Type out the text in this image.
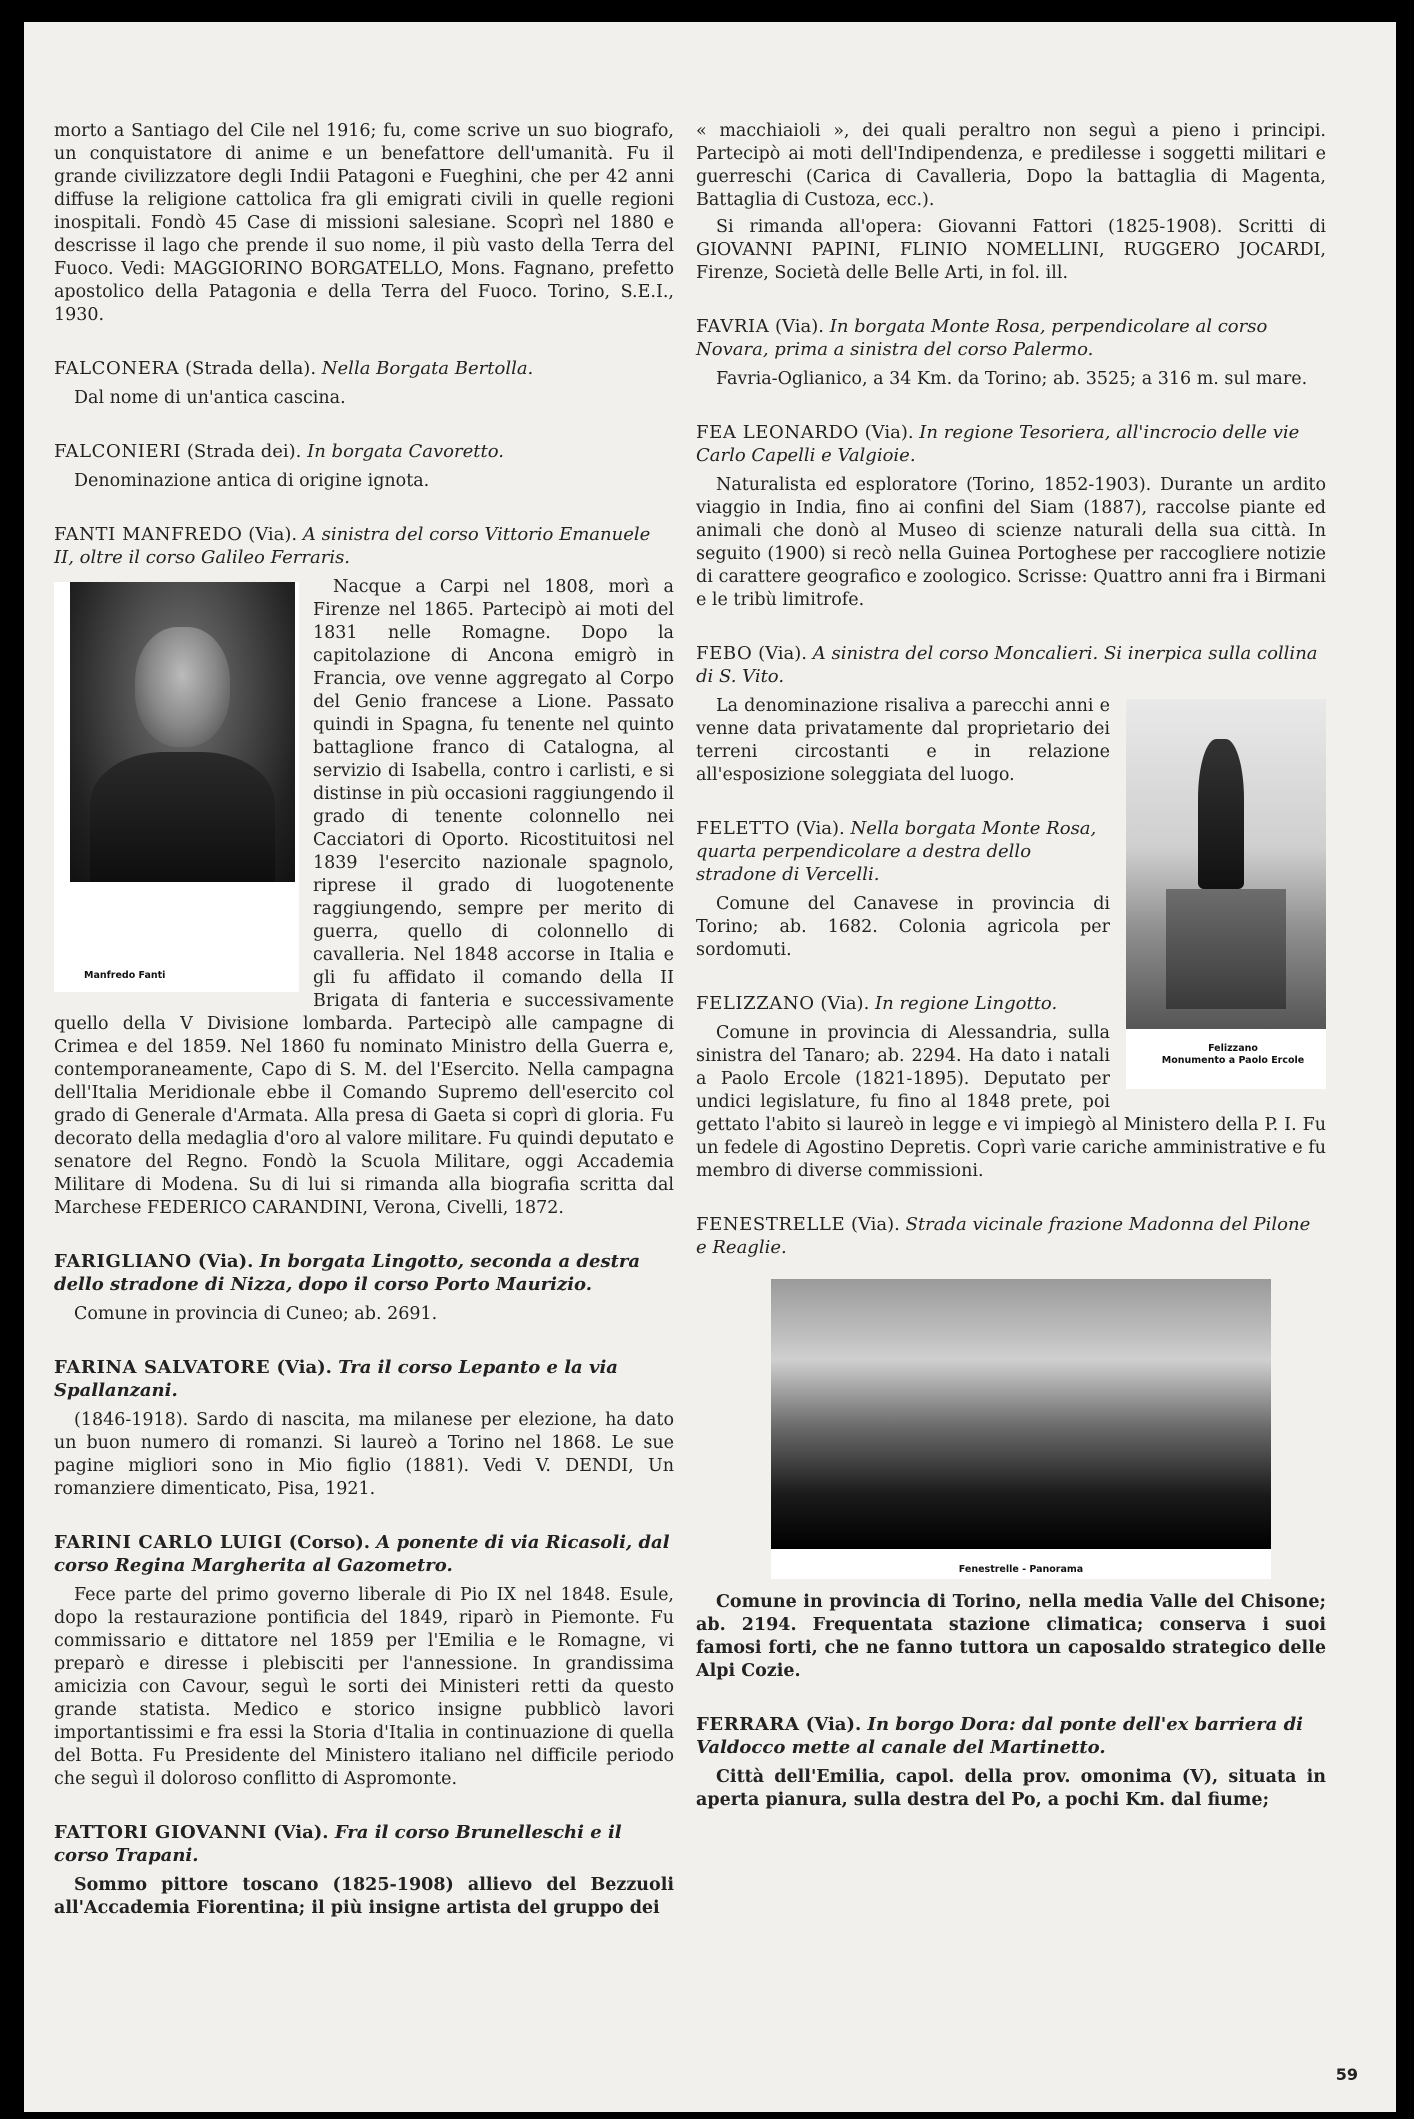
morto a Santiago del Cile nel 1916; fu, come scrive un suo biografo, un conquistatore di anime e un benefattore dell'umanità. Fu il grande civilizzatore degli Indii Patagoni e Fueghini, che per 42 anni diffuse la religione cattolica fra gli emigrati civili in quelle regioni inospitali. Fondò 45 Case di missioni salesiane. Scoprì nel 1880 e descrisse il lago che prende il suo nome, il più vasto della Terra del Fuoco. Vedi: MAGGIORINO BORGATELLO, Mons. Fagnano, prefetto apostolico della Patagonia e della Terra del Fuoco. Torino, S.E.I., 1930.

FALCONERA (Strada della). Nella Borgata Bertolla.

Dal nome di un'antica cascina.

FALCONIERI (Strada dei). In borgata Cavoretto.

Denominazione antica di origine ignota.

FANTI MANFREDO (Via). A sinistra del corso Vittorio Emanuele II, oltre il corso Galileo Ferraris.
Manfredo Fanti

Nacque a Carpi nel 1808, morì a Firenze nel 1865. Partecipò ai moti del 1831 nelle Romagne. Dopo la capitolazione di Ancona emigrò in Francia, ove venne aggregato al Corpo del Genio francese a Lione. Passato quindi in Spagna, fu tenente nel quinto battaglione franco di Catalogna, al servizio di Isabella, contro i carlisti, e si distinse in più occasioni raggiungendo il grado di tenente colonnello nei Cacciatori di Oporto. Ricostituitosi nel 1839 l'esercito nazionale spagnolo, riprese il grado di luogotenente raggiungendo, sempre per merito di guerra, quello di colonnello di cavalleria. Nel 1848 accorse in Italia e gli fu affidato il comando della II Brigata di fanteria e successivamente quello della V Divisione lombarda. Partecipò alle campagne di Crimea e del 1859. Nel 1860 fu nominato Ministro della Guerra e, contemporaneamente, Capo di S. M. del l'Esercito. Nella campagna dell'Italia Meridionale ebbe il Comando Supremo dell'esercito col grado di Generale d'Armata. Alla presa di Gaeta si coprì di gloria. Fu decorato della medaglia d'oro al valore militare. Fu quindi deputato e senatore del Regno. Fondò la Scuola Militare, oggi Accademia Militare di Modena. Su di lui si rimanda alla biografia scritta dal Marchese FEDERICO CARANDINI, Verona, Civelli, 1872.

FARIGLIANO (Via). In borgata Lingotto, seconda a destra dello stradone di Nizza, dopo il corso Porto Maurizio.

Comune in provincia di Cuneo; ab. 2691.

FARINA SALVATORE (Via). Tra il corso Lepanto e la via Spallanzani.

(1846-1918). Sardo di nascita, ma milanese per elezione, ha dato un buon numero di romanzi. Si laureò a Torino nel 1868. Le sue pagine migliori sono in Mio figlio (1881). Vedi V. DENDI, Un romanziere dimenticato, Pisa, 1921.

FARINI CARLO LUIGI (Corso). A ponente di via Ricasoli, dal corso Regina Margherita al Gazometro.

Fece parte del primo governo liberale di Pio IX nel 1848. Esule, dopo la restaurazione pontificia del 1849, riparò in Piemonte. Fu commissario e dittatore nel 1859 per l'Emilia e le Romagne, vi preparò e diresse i plebisciti per l'annessione. In grandissima amicizia con Cavour, seguì le sorti dei Ministeri retti da questo grande statista. Medico e storico insigne pubblicò lavori importantissimi e fra essi la Storia d'Italia in continuazione di quella del Botta. Fu Presidente del Ministero italiano nel difficile periodo che seguì il doloroso conflitto di Aspromonte.

FATTORI GIOVANNI (Via). Fra il corso Brunelleschi e il corso Trapani.

Sommo pittore toscano (1825-1908) allievo del Bezzuoli all'Accademia Fiorentina; il più insigne artista del gruppo dei

« macchiaioli », dei quali peraltro non seguì a pieno i principi. Partecipò ai moti dell'Indipendenza, e predilesse i soggetti militari e guerreschi (Carica di Cavalleria, Dopo la battaglia di Magenta, Battaglia di Custoza, ecc.).

Si rimanda all'opera: Giovanni Fattori (1825-1908). Scritti di GIOVANNI PAPINI, FLINIO NOMELLINI, RUGGERO JOCARDI, Firenze, Società delle Belle Arti, in fol. ill.

FAVRIA (Via). In borgata Monte Rosa, perpendicolare al corso Novara, prima a sinistra del corso Palermo.

Favria-Oglianico, a 34 Km. da Torino; ab. 3525; a 316 m. sul mare.

FEA LEONARDO (Via). In regione Tesoriera, all'incrocio delle vie Carlo Capelli e Valgioie.

Naturalista ed esploratore (Torino, 1852-1903). Durante un ardito viaggio in India, fino ai confini del Siam (1887), raccolse piante ed animali che donò al Museo di scienze naturali della sua città. In seguito (1900) si recò nella Guinea Portoghese per raccogliere notizie di carattere geografico e zoologico. Scrisse: Quattro anni fra i Birmani e le tribù limitrofe.

FEBO (Via). A sinistra del corso Moncalieri. Si inerpica sulla collina di S. Vito.
Felizzano
Monumento a Paolo Ercole

La denominazione risaliva a parecchi anni e venne data privatamente dal proprietario dei terreni circostanti e in relazione all'esposizione soleggiata del luogo.

FELETTO (Via). Nella borgata Monte Rosa, quarta perpendicolare a destra dello stradone di Vercelli.

Comune del Canavese in provincia di Torino; ab. 1682. Colonia agricola per sordomuti.

FELIZZANO (Via). In regione Lingotto.

Comune in provincia di Alessandria, sulla sinistra del Tanaro; ab. 2294. Ha dato i natali a Paolo Ercole (1821-1895). Deputato per undici legislature, fu fino al 1848 prete, poi gettato l'abito si laureò in legge e vi impiegò al Ministero della P. I. Fu un fedele di Agostino Depretis. Coprì varie cariche amministrative e fu membro di diverse commissioni.

FENESTRELLE (Via). Strada vicinale frazione Madonna del Pilone e Reaglie.
Fenestrelle - Panorama

Comune in provincia di Torino, nella media Valle del Chisone; ab. 2194. Frequentata stazione climatica; conserva i suoi famosi forti, che ne fanno tuttora un caposaldo strategico delle Alpi Cozie.

FERRARA (Via). In borgo Dora: dal ponte dell'ex barriera di Valdocco mette al canale del Martinetto.

Città dell'Emilia, capol. della prov. omonima (V), situata in aperta pianura, sulla destra del Po, a pochi Km. dal fiume;

59
